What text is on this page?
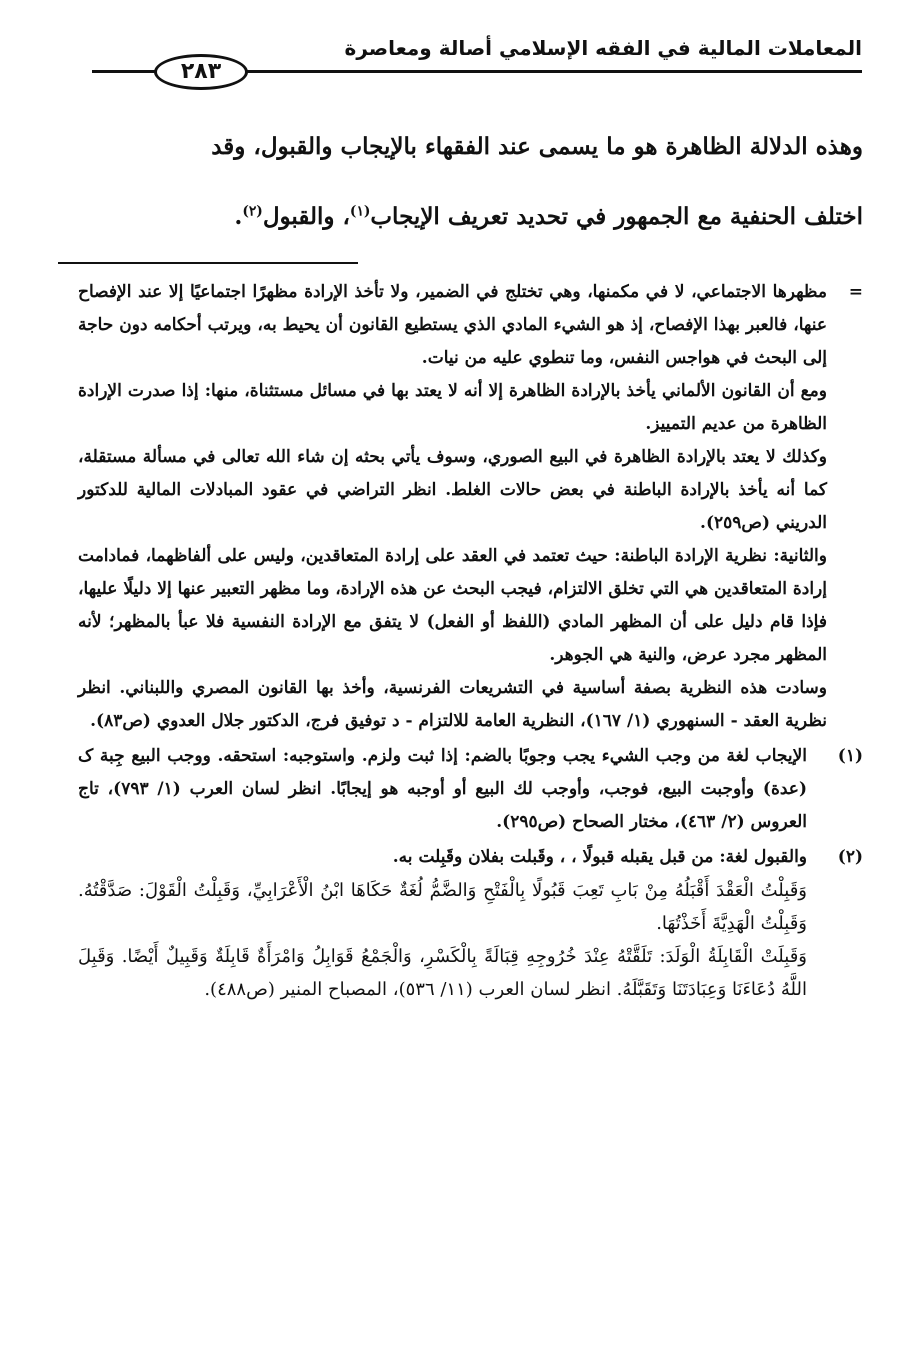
المعاملات المالية في الفقه الإسلامي أصالة ومعاصرة
٢٨٣

وهذه الدلالة الظاهرة هو ما يسمى عند الفقهاء بالإيجاب والقبول، وقد

اختلف الحنفية مع الجمهور في تحديد تعريف الإيجاب$^{(١)}$، والقبول$^{(٢)}$.

=

مظهرها الاجتماعي، لا في مكمنها، وهي تختلج في الضمير، ولا تأخذ الإرادة مظهرًا اجتماعيًا إلا عند الإفصاح عنها، فالعبر بهذا الإفصاح، إذ هو الشيء المادي الذي يستطيع القانون أن يحيط به، ويرتب أحكامه دون حاجة إلى البحث في هواجس النفس، وما تنطوي عليه من نيات.

ومع أن القانون الألماني يأخذ بالإرادة الظاهرة إلا أنه لا يعتد بها في مسائل مستثناة، منها: إذا صدرت الإرادة الظاهرة من عديم التمييز.

وكذلك لا يعتد بالإرادة الظاهرة في البيع الصوري، وسوف يأتي بحثه إن شاء الله تعالى في مسألة مستقلة، كما أنه يأخذ بالإرادة الباطنة في بعض حالات الغلط. انظر التراضي في عقود المبادلات المالية للدكتور الدريني (ص٢٥٩).

والثانية: نظرية الإرادة الباطنة: حيث تعتمد في العقد على إرادة المتعاقدين، وليس على ألفاظهما، فمادامت إرادة المتعاقدين هي التي تخلق الالتزام، فيجب البحث عن هذه الإرادة، وما مظهر التعبير عنها إلا دليلًا عليها، فإذا قام دليل على أن المظهر المادي (اللفظ أو الفعل) لا يتفق مع الإرادة النفسية فلا عبأ بالمظهر؛ لأنه المظهر مجرد عرض، والنية هي الجوهر.

وسادت هذه النظرية بصفة أساسية في التشريعات الفرنسية، وأخذ بها القانون المصري واللبناني. انظر نظرية العقد - السنهوري (١/ ١٦٧)، النظرية العامة للالتزام - د توفيق فرج، الدكتور جلال العدوي (ص٨٣).

(١)

الإيجاب لغة من وجب الشيء يجب وجوبًا بالضم: إذا ثبت ولزم. واستوجبه: استحقه. ووجب البيع جِبة ک (عدة) وأوجبت البيع، فوجب، وأوجب لك البيع أو أوجبه هو إيجابًا. انظر لسان العرب (١/ ٧٩٣)، تاج العروس (٢/ ٤٦٣)، مختار الصحاح (ص٢٩٥).

(٢)

والقبول لغة: من قبل يقبله قبولًا ، ، وقَبلت بفلان وقَبِلت به.

وَقَبِلْتُ الْعَقْدَ أَقْبَلُهُ مِنْ بَابِ تَعِبَ قَبُولًا بِالْفَتْحِ وَالضَّمُّ لُغَةٌ حَكَاهَا ابْنُ الْأَعْرَابِيِّ، وَقَبِلْتُ الْقَوْلَ: صَدَّقْتُهُ. وَقَبِلْتُ الْهَدِيَّةَ أَخَذْتُهَا.

وَقَبِلَتْ الْقَابِلَةُ الْوَلَدَ: تَلَقَّتْهُ عِنْدَ خُرُوجِهِ قِبَالَةً بِالْكَسْرِ، وَالْجَمْعُ قَوَابِلُ وَامْرَأَةٌ قَابِلَةٌ وَقَبِيلٌ أَيْضًا. وَقَبِلَ اللَّهُ دُعَاءَنَا وَعِبَادَتَنَا وَتَقَبَّلَهُ. انظر لسان العرب (١١/ ٥٣٦)، المصباح المنير (ص٤٨٨).
